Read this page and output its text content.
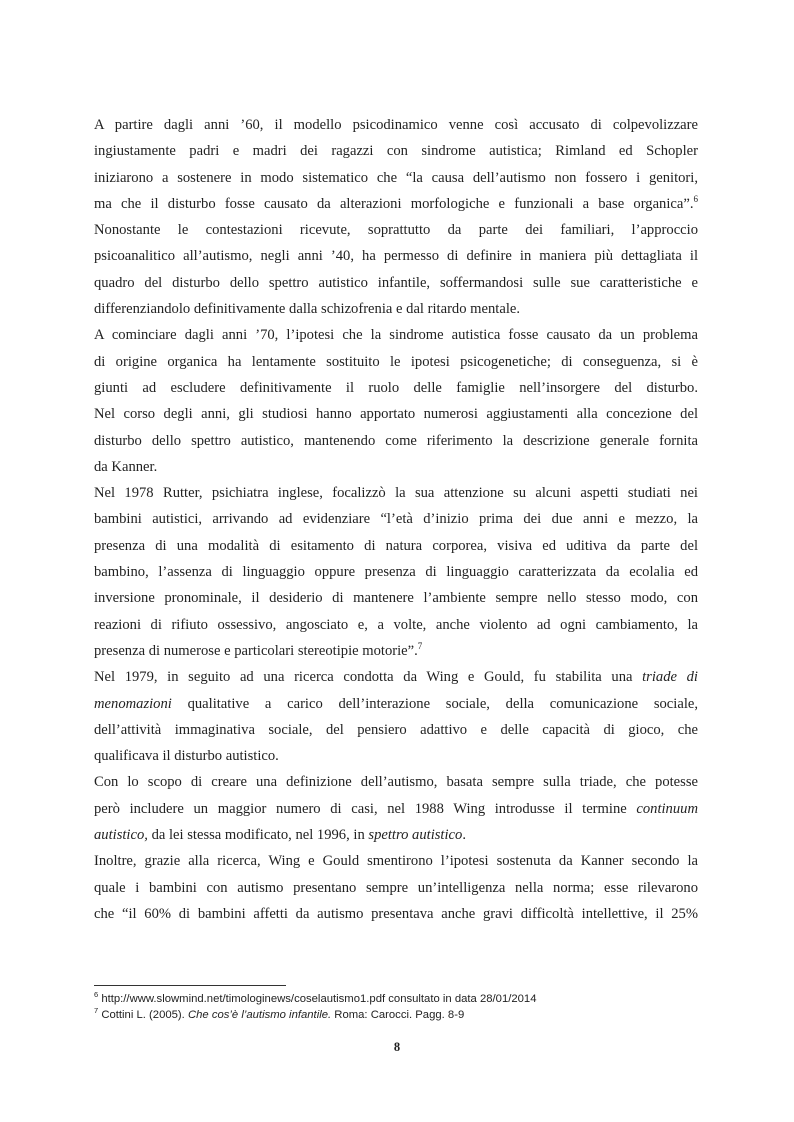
A partire dagli anni ’60, il modello psicodinamico venne così accusato di colpevolizzare
ingiustamente padri e madri dei ragazzi con sindrome autistica; Rimland ed Schopler
iniziarono a sostenere in modo sistematico che “la causa dell’autismo non fossero i genitori,
ma che il disturbo fosse causato da alterazioni morfologiche e funzionali a base organica”.$^6$
Nonostante le contestazioni ricevute, soprattutto da parte dei familiari, l’approccio
psicoanalitico all’autismo, negli anni ’40, ha permesso di definire in maniera più dettagliata il
quadro del disturbo dello spettro autistico infantile, soffermandosi sulle sue caratteristiche e
differenziandolo definitivamente dalla schizofrenia e dal ritardo mentale.

A cominciare dagli anni ’70, l’ipotesi che la sindrome autistica fosse causato da un problema
di origine organica ha lentamente sostituito le ipotesi psicogenetiche; di conseguenza, si è
giunti ad escludere definitivamente il ruolo delle famiglie nell’insorgere del disturbo.
Nel corso degli anni, gli studiosi hanno apportato numerosi aggiustamenti alla concezione del
disturbo dello spettro autistico, mantenendo come riferimento la descrizione generale fornita
da Kanner.

Nel 1978 Rutter, psichiatra inglese, focalizzò la sua attenzione su alcuni aspetti studiati nei
bambini autistici, arrivando ad evidenziare “l’età d’inizio prima dei due anni e mezzo, la
presenza di una modalità di esitamento di natura corporea, visiva ed uditiva da parte del
bambino, l’assenza di linguaggio oppure presenza di linguaggio caratterizzata da ecolalia ed
inversione pronominale, il desiderio di mantenere l’ambiente sempre nello stesso modo, con
reazioni di rifiuto ossessivo, angosciato e, a volte, anche violento ad ogni cambiamento, la
presenza di numerose e particolari stereotipie motorie”.$^7$

Nel 1979, in seguito ad una ricerca condotta da Wing e Gould, fu stabilita una triade di
menomazioni qualitative a carico dell’interazione sociale, della comunicazione sociale,
dell’attività immaginativa sociale, del pensiero adattivo e delle capacità di gioco, che
qualificava il disturbo autistico.

Con lo scopo di creare una definizione dell’autismo, basata sempre sulla triade, che potesse
però includere un maggior numero di casi, nel 1988 Wing introdusse il termine continuum
autistico, da lei stessa modificato, nel 1996, in spettro autistico.

Inoltre, grazie alla ricerca, Wing e Gould smentirono l’ipotesi sostenuta da Kanner secondo la
quale i bambini con autismo presentano sempre un’intelligenza nella norma; esse rilevarono
che “il 60% di bambini affetti da autismo presentava anche gravi difficoltà intellettive, il 25%

$^6$ http://www.slowmind.net/timologinews/coselautismo1.pdf consultato in data 28/01/2014
$^7$ Cottini L. (2005). Che cos’è l’autismo infantile. Roma: Carocci. Pagg. 8-9
8
